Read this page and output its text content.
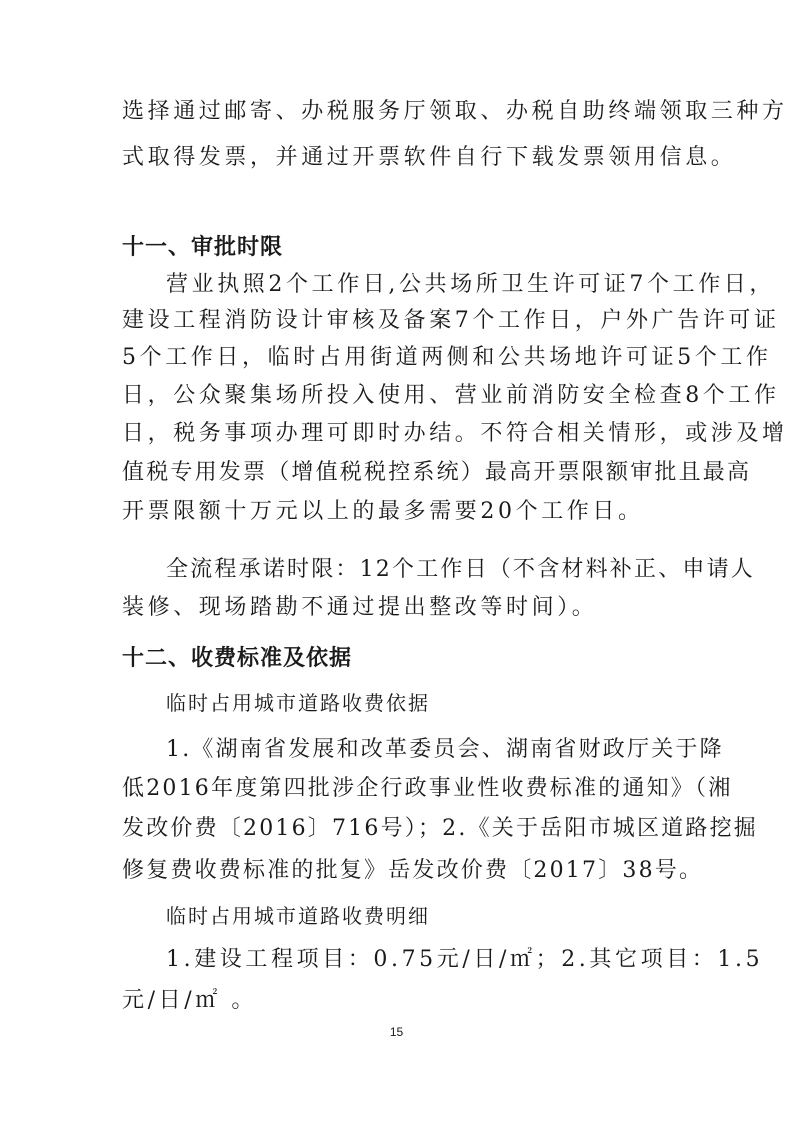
选择通过邮寄、办税服务厅领取、办税自助终端领取三种方
式取得发票，并通过开票软件自行下载发票领用信息。
十一、审批时限
营业执照2个工作日,公共场所卫生许可证7个工作日，
建设工程消防设计审核及备案7个工作日，户外广告许可证
5个工作日，临时占用街道两侧和公共场地许可证5个工作
日，公众聚集场所投入使用、营业前消防安全检查8个工作
日，税务事项办理可即时办结。不符合相关情形，或涉及增
值税专用发票（增值税税控系统）最高开票限额审批且最高
开票限额十万元以上的最多需要20个工作日。
全流程承诺时限：12个工作日（不含材料补正、申请人
装修、现场踏勘不通过提出整改等时间）。
十二、收费标准及依据
临时占用城市道路收费依据
1.《湖南省发展和改革委员会、湖南省财政厅关于降
低2016年度第四批涉企行政事业性收费标准的通知》（湘
发改价费〔2016〕716号）；2.《关于岳阳市城区道路挖掘
修复费收费标准的批复》岳发改价费〔2017〕38号。
临时占用城市道路收费明细
1.建设工程项目：0.75元/日/㎡；2.其它项目：1.5
元/日/㎡ 。
15
